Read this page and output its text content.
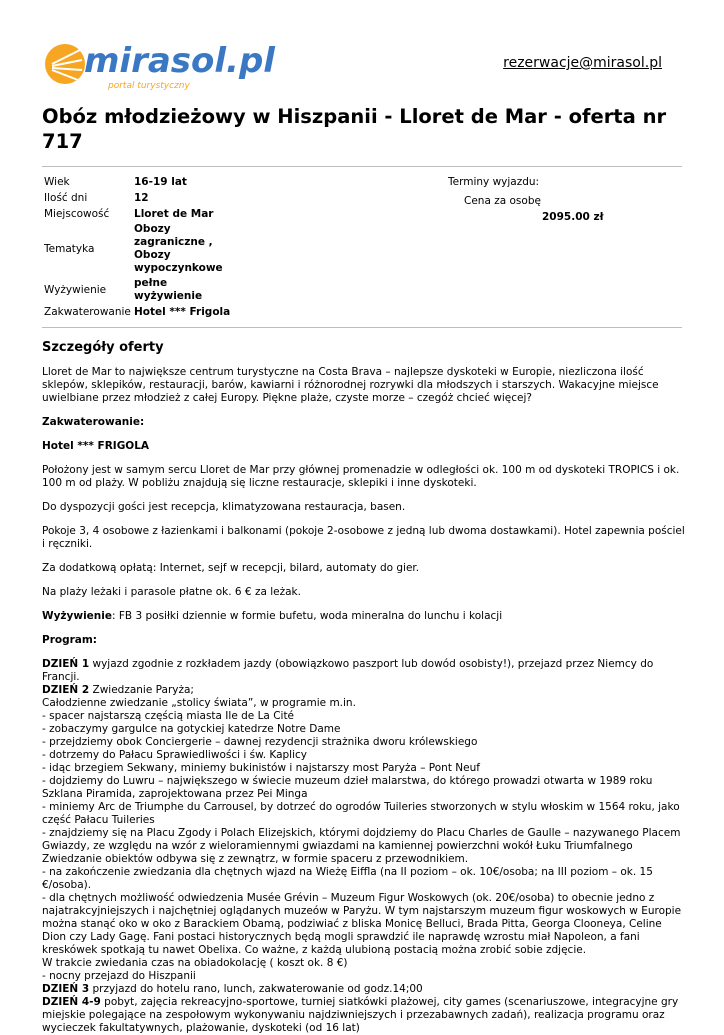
mirasol.pl
portal turystyczny
rezerwacje@mirasol.pl
Obóz młodzieżowy w Hiszpanii - Lloret de Mar - oferta nr 717
Wiek	16-19 lat
Ilość dni	12
Miejscowość	Lloret de Mar
Tematyka	Obozy zagraniczne , Obozy wypoczynkowe
Wyżywienie	pełne wyżywienie
Zakwaterowanie	Hotel *** Frigola
Terminy wyjazdu:
Cena za osobę
2095.00 zł
Szczegóły oferty

Lloret de Mar to największe centrum turystyczne na Costa Brava – najlepsze dyskoteki w Europie, niezliczona ilość sklepów, sklepików, restauracji, barów, kawiarni i różnorodnej rozrywki dla młodszych i starszych. Wakacyjne miejsce uwielbiane przez młodzież z całej Europy. Piękne plaże, czyste morze – czegóż chcieć więcej?

Zakwaterowanie:

Hotel *** FRIGOLA

Położony jest w samym sercu Lloret de Mar przy głównej promenadzie w odległości ok. 100 m od dyskoteki TROPICS i ok. 100 m od plaży. W pobliżu znajdują się liczne restauracje, sklepiki i inne dyskoteki.

Do dyspozycji gości jest recepcja, klimatyzowana restauracja, basen.

Pokoje 3, 4 osobowe z łazienkami i balkonami (pokoje 2-osobowe z jedną lub dwoma dostawkami). Hotel zapewnia pościel i ręczniki.

Za dodatkową opłatą: Internet, sejf w recepcji, bilard, automaty do gier.

Na plaży leżaki i parasole płatne ok. 6 € za leżak.

Wyżywienie: FB 3 posiłki dziennie w formie bufetu, woda mineralna do lunchu i kolacji

Program:

DZIEŃ 1 wyjazd zgodnie z rozkładem jazdy (obowiązkowo paszport lub dowód osobisty!), przejazd przez Niemcy do Francji.

DZIEŃ 2 Zwiedzanie Paryża;

Całodzienne zwiedzanie „stolicy świata”, w programie m.in.

- spacer najstarszą częścią miasta Ile de La Cité

- zobaczymy gargulce na gotyckiej katedrze Notre Dame

- przejdziemy obok Conciergerie – dawnej rezydencji strażnika dworu królewskiego

- dotrzemy do Pałacu Sprawiedliwości i św. Kaplicy

- idąc brzegiem Sekwany, miniemy bukinistów i najstarszy most Paryża – Pont Neuf

- dojdziemy do Luwru – największego w świecie muzeum dzieł malarstwa, do którego prowadzi otwarta w 1989 roku Szklana Piramida, zaprojektowana przez Pei Minga

- miniemy Arc de Triumphe du Carrousel, by dotrzeć do ogrodów Tuileries stworzonych w stylu włoskim w 1564 roku, jako część Pałacu Tuileries

- znajdziemy się na Placu Zgody i Polach Elizejskich, którymi dojdziemy do Placu Charles de Gaulle – nazywanego Placem Gwiazdy, ze względu na wzór z wieloramiennymi gwiazdami na kamiennej powierzchni wokół Łuku Triumfalnego

Zwiedzanie obiektów odbywa się z zewnątrz, w formie spaceru z przewodnikiem.

- na zakończenie zwiedzania dla chętnych wjazd na Wieżę Eiffla (na II poziom – ok. 10€/osoba; na III poziom – ok. 15 €/osoba).

- dla chętnych możliwość odwiedzenia Musée Grévin – Muzeum Figur Woskowych (ok. 20€/osoba) to obecnie jedno z najatrakcyjniejszych i najchętniej oglądanych muzeów w Paryżu. W tym najstarszym muzeum figur woskowych w Europie można stanąć oko w oko z Barackiem Obamą, podziwiać z bliska Monicę Belluci, Brada Pitta, Georga Clooneya, Celine Dion czy Lady Gagę. Fani postaci historycznych będą mogli sprawdzić ile naprawdę wzrostu miał Napoleon, a fani kreskówek spotkają tu nawet Obelixa. Co ważne, z każdą ulubioną postacią można zrobić sobie zdjęcie.

W trakcie zwiedania czas na obiadokolację ( koszt ok. 8 €)

- nocny przejazd do Hiszpanii

DZIEŃ 3 przyjazd do hotelu rano, lunch, zakwaterowanie od godz.14;00

DZIEŃ 4-9 pobyt, zajęcia rekreacyjno-sportowe, turniej siatkówki plażowej, city games (scenariuszowe, integracyjne gry miejskie polegające na zespołowym wykonywaniu najdziwniejszych i przezabawnych zadań), realizacja programu oraz wycieczek fakultatywnych, plażowanie, dyskoteki (od 16 lat)
